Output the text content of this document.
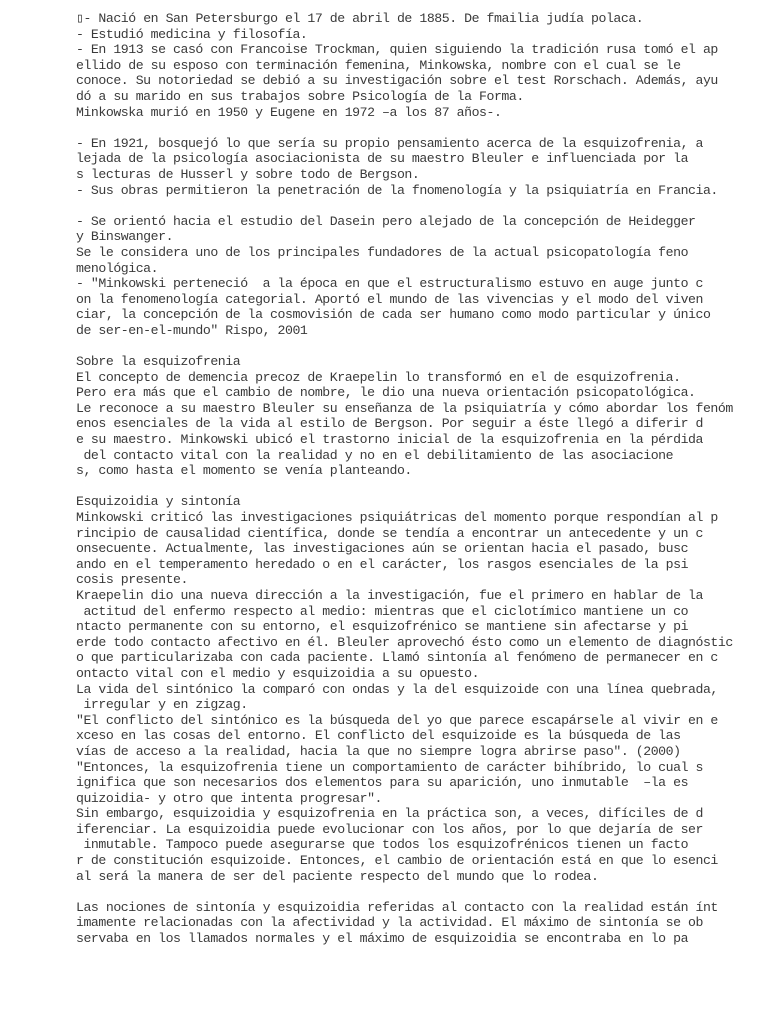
▯- Nació en San Petersburgo el 17 de abril de 1885. De fmailia judía polaca.
- Estudió medicina y filosofía.
- En 1913 se casó con Francoise Trockman, quien siguiendo la tradición rusa tomó el ap
ellido de su esposo con terminación femenina, Minkowska, nombre con el cual se le
conoce. Su notoriedad se debió a su investigación sobre el test Rorschach. Además, ayu
dó a su marido en sus trabajos sobre Psicología de la Forma.
Minkowska murió en 1950 y Eugene en 1972 –a los 87 años-.
- En 1921, bosquejó lo que sería su propio pensamiento acerca de la esquizofrenia, a
lejada de la psicología asociacionista de su maestro Bleuler e influenciada por la
s lecturas de Husserl y sobre todo de Bergson.
- Sus obras permitieron la penetración de la fnomenología y la psiquiatría en Francia.
- Se orientó hacia el estudio del Dasein pero alejado de la concepción de Heidegger
y Binswanger.
Se le considera uno de los principales fundadores de la actual psicopatología feno
menológica.
- "Minkowski perteneció  a la época en que el estructuralismo estuvo en auge junto c
on la fenomenología categorial. Aportó el mundo de las vivencias y el modo del viven
ciar, la concepción de la cosmovisión de cada ser humano como modo particular y único
de ser-en-el-mundo" Rispo, 2001
Sobre la esquizofrenia
El concepto de demencia precoz de Kraepelin lo transformó en el de esquizofrenia.
Pero era más que el cambio de nombre, le dio una nueva orientación psicopatológica.
Le reconoce a su maestro Bleuler su enseñanza de la psiquiatría y cómo abordar los fenóm
enos esenciales de la vida al estilo de Bergson. Por seguir a éste llegó a diferir d
e su maestro. Minkowski ubicó el trastorno inicial de la esquizofrenia en la pérdida
del contacto vital con la realidad y no en el debilitamiento de las asociacione
s, como hasta el momento se venía planteando.
Esquizoidia y sintonía
Minkowski criticó las investigaciones psiquiátricas del momento porque respondían al p
rincipio de causalidad científica, donde se tendía a encontrar un antecedente y un c
onsecuente. Actualmente, las investigaciones aún se orientan hacia el pasado, busc
ando en el temperamento heredado o en el carácter, los rasgos esenciales de la psi
cosis presente.
Kraepelin dio una nueva dirección a la investigación, fue el primero en hablar de la
actitud del enfermo respecto al medio: mientras que el ciclotímico mantiene un co
ntacto permanente con su entorno, el esquizofrénico se mantiene sin afectarse y pi
erde todo contacto afectivo en él. Bleuler aprovechó ésto como un elemento de diagnóstic
o que particularizaba con cada paciente. Llamó sintonía al fenómeno de permanecer en c
ontacto vital con el medio y esquizoidia a su opuesto.
La vida del sintónico la comparó con ondas y la del esquizoide con una línea quebrada,
irregular y en zigzag.
"El conflicto del sintónico es la búsqueda del yo que parece escapársele al vivir en e
xceso en las cosas del entorno. El conflicto del esquizoide es la búsqueda de las
vías de acceso a la realidad, hacia la que no siempre logra abrirse paso". (2000)
"Entonces, la esquizofrenia tiene un comportamiento de carácter bihíbrido, lo cual s
ignifica que son necesarios dos elementos para su aparición, uno inmutable  –la es
quizoidia- y otro que intenta progresar".
Sin embargo, esquizoidia y esquizofrenia en la práctica son, a veces, difíciles de d
iferenciar. La esquizoidia puede evolucionar con los años, por lo que dejaría de ser
inmutable. Tampoco puede asegurarse que todos los esquizofrénicos tienen un facto
r de constitución esquizoide. Entonces, el cambio de orientación está en que lo esenci
al será la manera de ser del paciente respecto del mundo que lo rodea.
Las nociones de sintonía y esquizoidia referidas al contacto con la realidad están ínt
imamente relacionadas con la afectividad y la actividad. El máximo de sintonía se ob
servaba en los llamados normales y el máximo de esquizoidia se encontraba en lo pa
